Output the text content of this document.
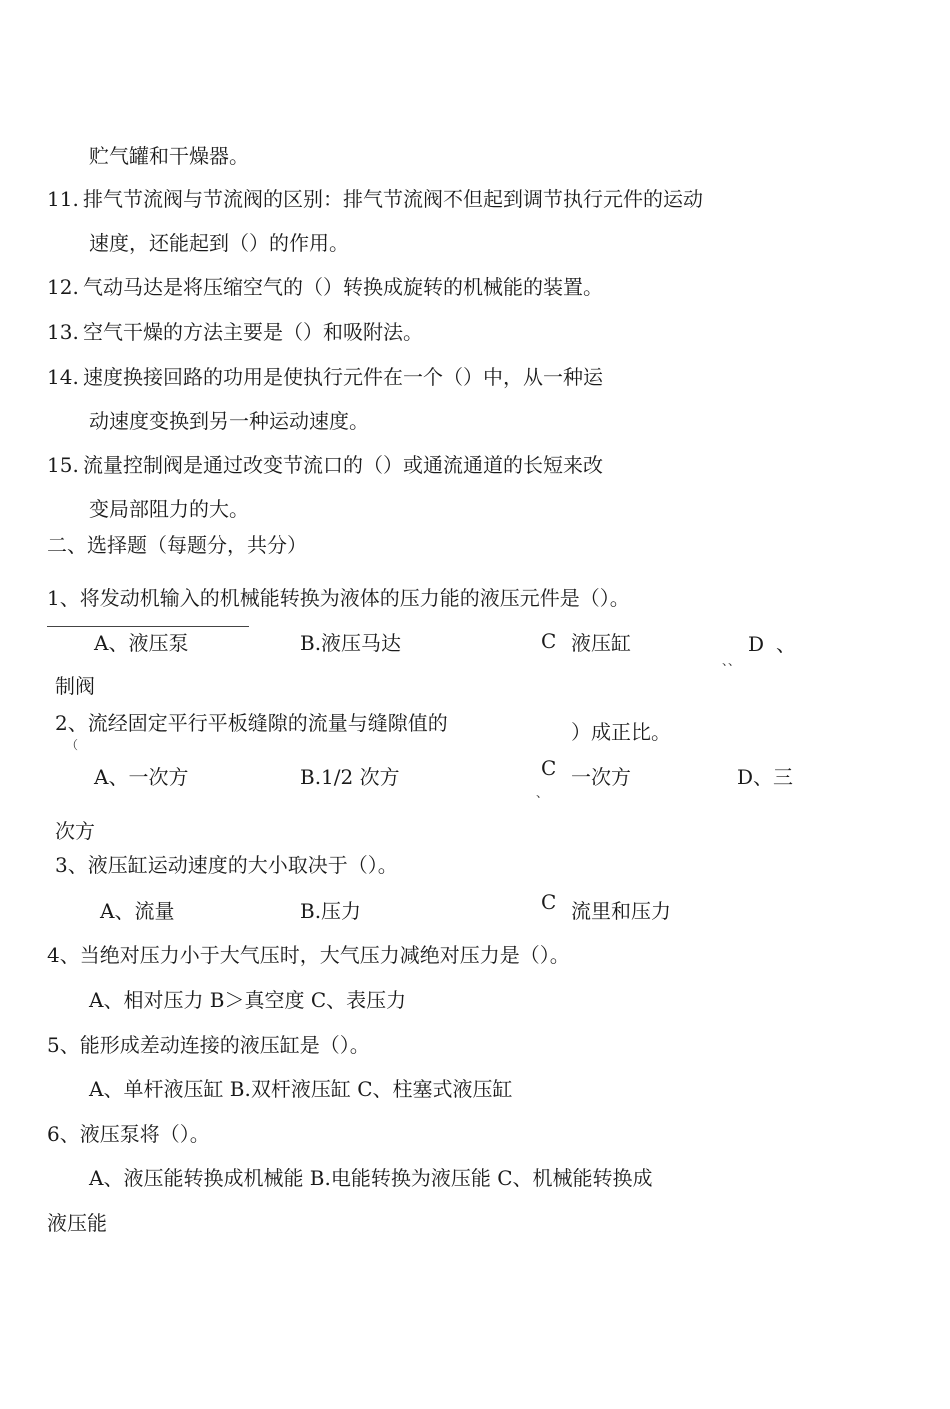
贮气罐和干燥器。
11. 排气节流阀与节流阀的区别：排气节流阀不但起到调节执行元件的运动
速度，还能起到（）的作用。
12. 气动马达是将压缩空气的（）转换成旋转的机械能的装置。
13. 空气干燥的方法主要是（）和吸附法。
14. 速度换接回路的功用是使执行元件在一个（）中，从一种运
动速度变换到另一种运动速度。
15. 流量控制阀是通过改变节流口的（）或通流通道的长短来改
变局部阻力的大。
二、选择题（每题分，共分）
1、将发动机输入的机械能转换为液体的压力能的液压元件是（）。
A、液压泵	B.液压马达	C 液压缸	D 、
、、
制阀
2、流经固定平行平板缝隙的流量与缝隙值的
（
）成正比。
A、一次方	B.1/2 次方	C
、
一次方	D、三
次方
3、液压缸运动速度的大小取决于（）。
A、流量	B.压力	C 流里和压力
4、当绝对压力小于大气压时，大气压力减绝对压力是（）。
A、相对压力 B＞真空度 C、表压力
5、能形成差动连接的液压缸是（）。
A、单杆液压缸 B.双杆液压缸 C、柱塞式液压缸
6、液压泵将（）。
A、液压能转换成机械能 B.电能转换为液压能 C、机械能转换成
液压能
